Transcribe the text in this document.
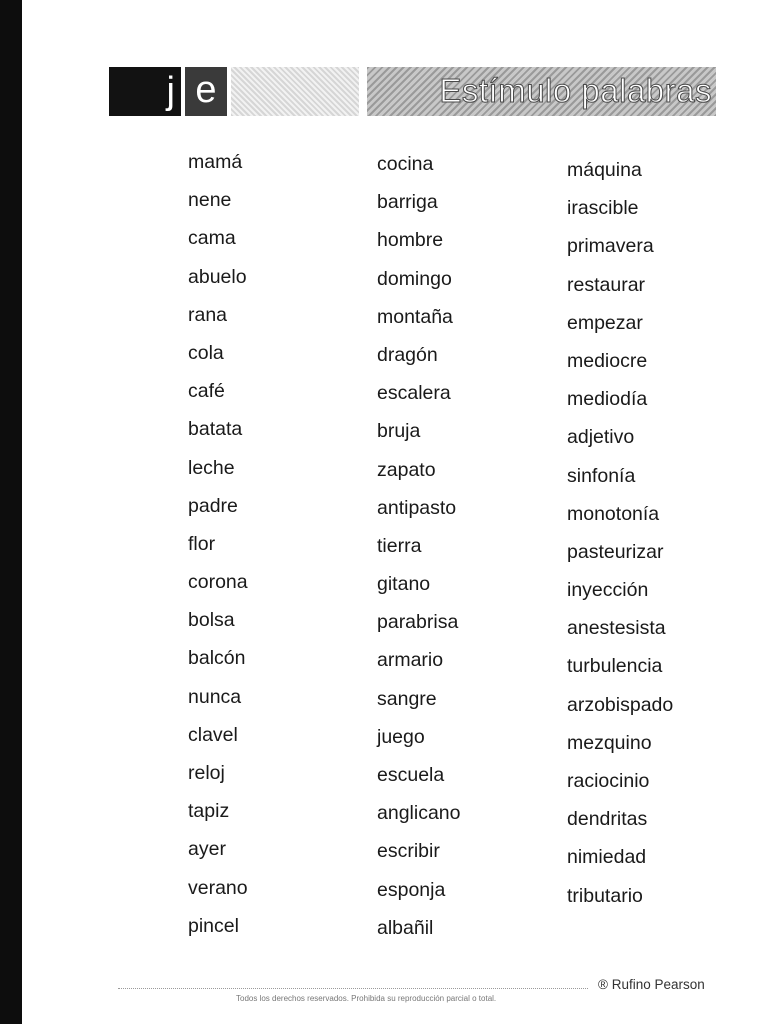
j e	Estímulo palabras
mamá
nene
cama
abuelo
rana
cola
café
batata
leche
padre
flor
corona
bolsa
balcón
nunca
clavel
reloj
tapiz
ayer
verano
pincel
cocina
barriga
hombre
domingo
montaña
dragón
escalera
bruja
zapato
antipasto
tierra
gitano
parabrisa
armario
sangre
juego
escuela
anglicano
escribir
esponja
albañil
máquina
irascible
primavera
restaurar
empezar
mediocre
mediodía
adjetivo
sinfonía
monotonía
pasteurizar
inyección
anestesista
turbulencia
arzobispado
mezquino
raciocinio
dendritas
nimiedad
tributario
® Rufino Pearson
Todos los derechos reservados. Prohibida su reproducción parcial o total.
